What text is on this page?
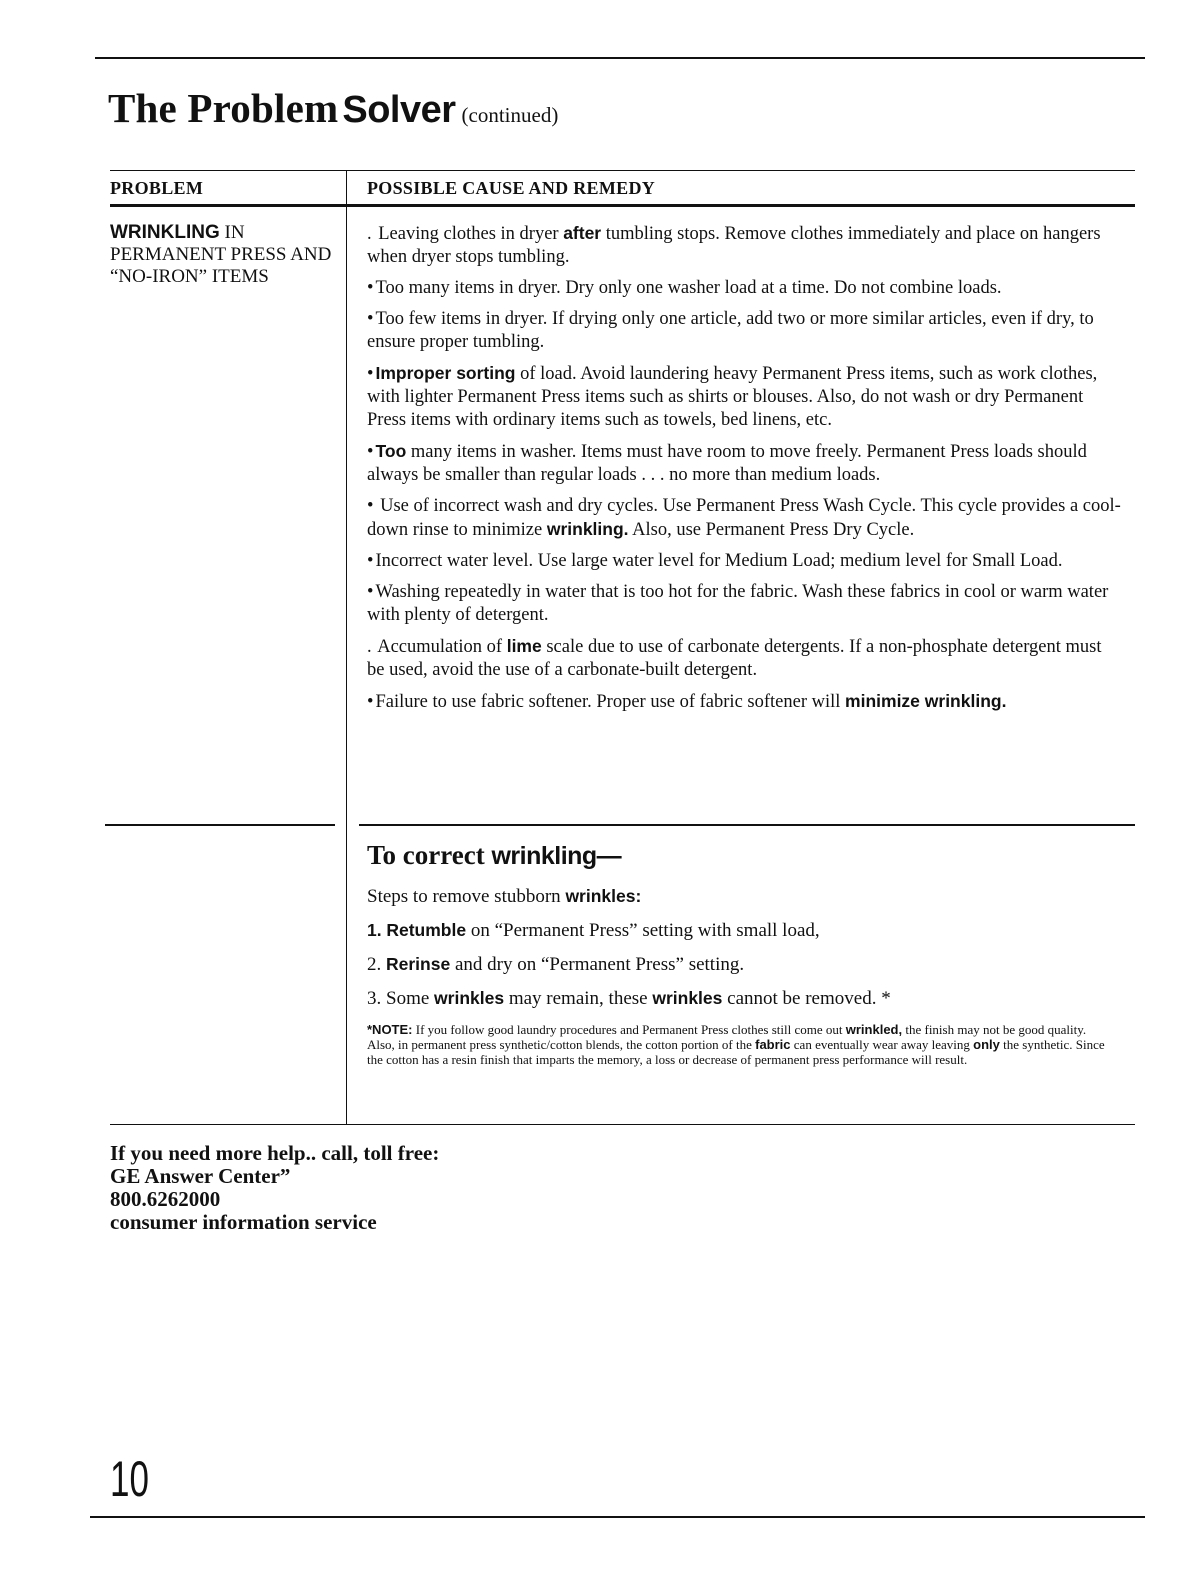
The Problem Solver (continued)
PROBLEM	POSSIBLE CAUSE AND REMEDY
WRINKLING IN PERMANENT PRESS AND “NO-IRON” ITEMS
. Leaving clothes in dryer after tumbling stops. Remove clothes immediately and place on hangers when dryer stops tumbling.
• Too many items in dryer. Dry only one washer load at a time. Do not combine loads.
• Too few items in dryer. If drying only one article, add two or more similar articles, even if dry, to ensure proper tumbling.
• Improper sorting of load. Avoid laundering heavy Permanent Press items, such as work clothes, with lighter Permanent Press items such as shirts or blouses. Also, do not wash or dry Permanent Press items with ordinary items such as towels, bed linens, etc.
• Too many items in washer. Items must have room to move freely. Permanent Press loads should always be smaller than regular loads . . . no more than medium loads.
• Use of incorrect wash and dry cycles. Use Permanent Press Wash Cycle. This cycle provides a cool-down rinse to minimize wrinkling. Also, use Permanent Press Dry Cycle.
• Incorrect water level. Use large water level for Medium Load; medium level for Small Load.
• Washing repeatedly in water that is too hot for the fabric. Wash these fabrics in cool or warm water with plenty of detergent.
. Accumulation of lime scale due to use of carbonate detergents. If a non-phosphate detergent must be used, avoid the use of a carbonate-built detergent.
• Failure to use fabric softener. Proper use of fabric softener will minimize wrinkling.
To correct wrinkling—
Steps to remove stubborn wrinkles:
1. Retumble on “Permanent Press” setting with small load,
2. Rerinse and dry on “Permanent Press” setting.
3. Some wrinkles may remain, these wrinkles cannot be removed. *
*NOTE: If you follow good laundry procedures and Permanent Press clothes still come out wrinkled, the finish may not be good quality. Also, in permanent press synthetic/cotton blends, the cotton portion of the fabric can eventually wear away leaving only the synthetic. Since the cotton has a resin finish that imparts the memory, a loss or decrease of permanent press performance will result.
If you need more help.. call, toll free:
GE Answer Center”
800.6262000
consumer information service
10
